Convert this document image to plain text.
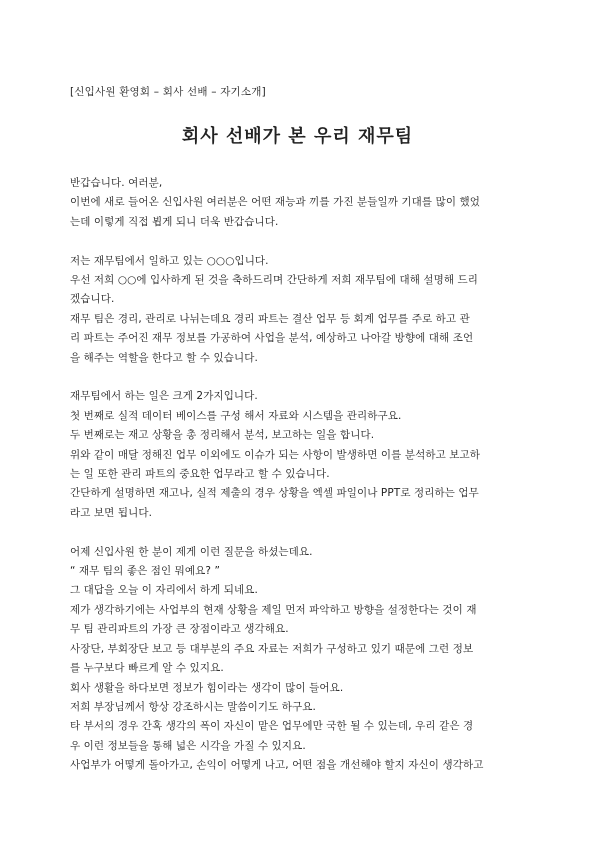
[신입사원 환영회 – 회사 선배 – 자기소개]
회사 선배가 본 우리 재무팀
반갑습니다. 여러분,
이번에 새로 들어온 신입사원 여러분은 어떤 재능과 끼를 가진 분들일까 기대를 많이 했었
는데 이렇게 직접 뵙게 되니 더욱 반갑습니다.
저는 재무팀에서 일하고 있는 ○○○입니다.
우선 저희 ○○에 입사하게 된 것을 축하드리며 간단하게 저희 재무팀에 대해 설명해 드리
겠습니다.
재무 팀은 경리, 관리로 나뉘는데요 경리 파트는 결산 업무 등 회계 업무를 주로 하고 관
리 파트는 주어진 재무 정보를 가공하여 사업을 분석, 예상하고 나아갈 방향에 대해 조언
을 해주는 역할을 한다고 할 수 있습니다.
재무팀에서 하는 일은 크게 2가지입니다.
첫 번째로 실적 데이터 베이스를 구성 해서 자료와 시스템을 관리하구요.
두 번째로는 재고 상황을 총 정리해서 분석, 보고하는 일을 합니다.
위와 같이 매달 정해진 업무 이외에도 이슈가 되는 사항이 발생하면 이를 분석하고 보고하
는 일 또한 관리 파트의 중요한 업무라고 할 수 있습니다.
간단하게 설명하면 재고나, 실적 제출의 경우 상황을 엑셀 파일이나 PPT로 정리하는 업무
라고 보면 됩니다.
어제 신입사원 한 분이 제게 이런 질문을 하셨는데요.
“ 재무 팀의 좋은 점인 뭐예요? ”
그 대답을 오늘 이 자리에서 하게 되네요.
제가 생각하기에는 사업부의 현재 상황을 제일 먼저 파악하고 방향을 설정한다는 것이 재
무 팀 관리파트의 가장 큰 장점이라고 생각해요.
사장단, 부회장단 보고 등 대부분의 주요 자료는 저희가 구성하고 있기 때문에 그런 정보
를 누구보다 빠르게 알 수 있지요.
회사 생활을 하다보면 정보가 힘이라는 생각이 많이 들어요.
저희 부장님께서 항상 강조하시는 말씀이기도 하구요.
타 부서의 경우 간혹 생각의 폭이 자신이 맡은 업무에만 국한 될 수 있는데, 우리 같은 경
우 이런 정보들을 통해 넓은 시각을 가질 수 있지요.
사업부가 어떻게 돌아가고, 손익이 어떻게 나고, 어떤 점을 개선해야 할지 자신이 생각하고
